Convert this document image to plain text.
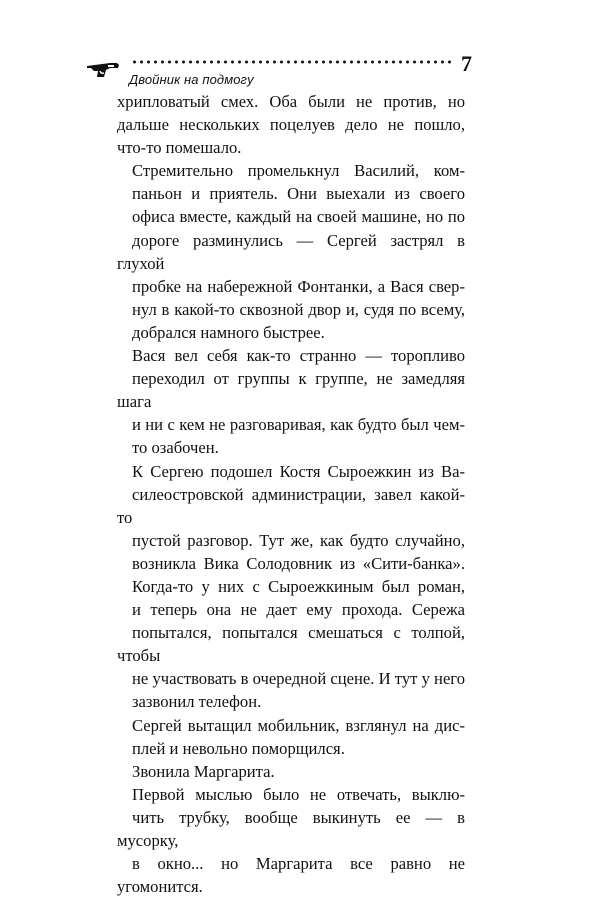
Двойник на подмогу
7

хрипловатый смех. Оба были не против, но
дальше нескольких поцелуев дело не пошло,
что-то помешало.

Стремительно промелькнул Василий, ком-
паньон и приятель. Они выехали из своего
офиса вместе, каждый на своей машине, но по
дороге разминулись — Сергей застрял в глухой
пробке на набережной Фонтанки, а Вася свер-
нул в какой-то сквозной двор и, судя по всему,
добрался намного быстрее.

Вася вел себя как-то странно — торопливо
переходил от группы к группе, не замедляя шага
и ни с кем не разговаривая, как будто был чем-
то озабочен.

К Сергею подошел Костя Сыроежкин из Ва-
силеостровской администрации, завел какой-то
пустой разговор. Тут же, как будто случайно,
возникла Вика Солодовник из «Сити-банка».
Когда-то у них с Сыроежкиным был роман,
и теперь она не дает ему прохода. Сережа
попытался, попытался смешаться с толпой, чтобы
не участвовать в очередной сцене. И тут у него
зазвонил телефон.

Сергей вытащил мобильник, взглянул на дис-
плей и невольно поморщился.

Звонила Маргарита.

Первой мыслью было не отвечать, выклю-
чить трубку, вообще выкинуть ее — в мусорку,
в окно... но Маргарита все равно не угомонится.
